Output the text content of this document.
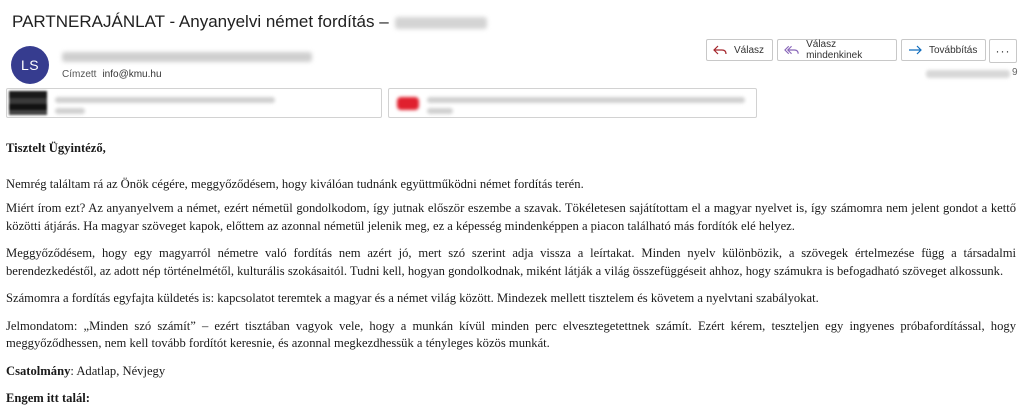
PARTNERAJÁNLAT - Anyanyelvi német fordítás –
LS
Címzett info@kmu.hu
Válasz	Válasz mindenkinek	Továbbítás ···
9

Tisztelt Ügyintéző,

Nemrég találtam rá az Önök cégére, meggyőződésem, hogy kiválóan tudnánk együttműködni német fordítás terén.

Miért írom ezt? Az anyanyelvem a német, ezért németül gondolkodom, így jutnak először eszembe a szavak. Tökéletesen sajátítottam el a magyar nyelvet is, így számomra nem jelent gondot a kettő közötti átjárás. Ha magyar szöveget kapok, előttem az azonnal németül jelenik meg, ez a képesség mindenképpen a piacon található más fordítók elé helyez.

Meggyőződésem, hogy egy magyarról németre való fordítás nem azért jó, mert szó szerint adja vissza a leírtakat. Minden nyelv különbözik, a szövegek értelmezése függ a társadalmi berendezkedéstől, az adott nép történelmétől, kulturális szokásaitól. Tudni kell, hogyan gondolkodnak, miként látják a világ összefüggéseit ahhoz, hogy számukra is befogadható szöveget alkossunk.

Számomra a fordítás egyfajta küldetés is: kapcsolatot teremtek a magyar és a német világ között. Mindezek mellett tisztelem és követem a nyelvtani szabályokat.

Jelmondatom: „Minden szó számít” – ezért tisztában vagyok vele, hogy a munkán kívül minden perc elvesztegetettnek számít. Ezért kérem, teszteljen egy ingyenes próbafordítással, hogy meggyőződhessen, nem kell tovább fordítót keresnie, és azonnal megkezdhessük a tényleges közös munkát.

Csatolmány: Adatlap, Névjegy

Engem itt talál:
